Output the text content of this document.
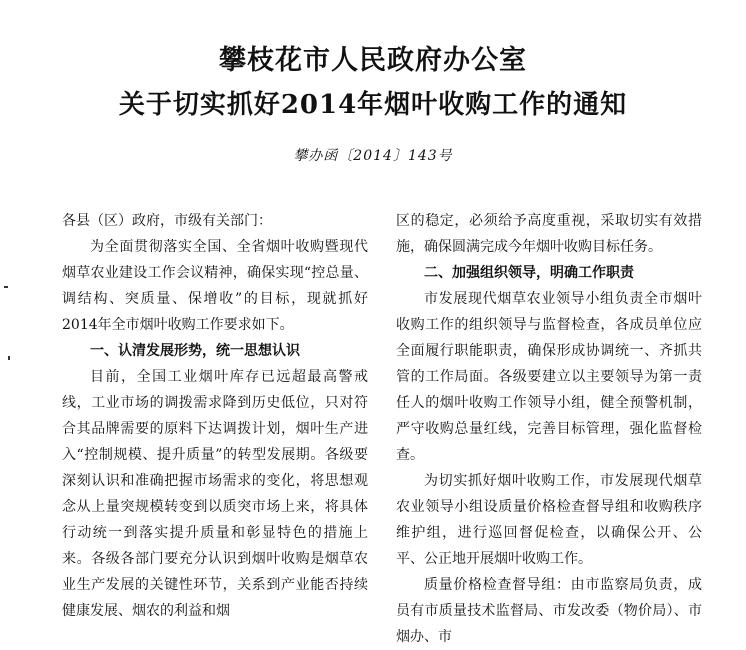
攀枝花市人民政府办公室
关于切实抓好2014年烟叶收购工作的通知
攀办函〔2014〕143号

各县（区）政府，市级有关部门：

为全面贯彻落实全国、全省烟叶收购暨现代烟草农业建设工作会议精神，确保实现“控总量、调结构、突质量、保增收”的目标，现就抓好2014年全市烟叶收购工作要求如下。

一、认清发展形势，统一思想认识

目前，全国工业烟叶库存已远超最高警戒线，工业市场的调拨需求降到历史低位，只对符合其品牌需要的原料下达调拨计划，烟叶生产进入“控制规模、提升质量”的转型发展期。各级要深刻认识和准确把握市场需求的变化，将思想观念从上量突规模转变到以质突市场上来，将具体行动统一到落实提升质量和彰显特色的措施上来。各级各部门要充分认识到烟叶收购是烟草农业生产发展的关键性环节，关系到产业能否持续健康发展、烟农的利益和烟

区的稳定，必须给予高度重视，采取切实有效措施，确保圆满完成今年烟叶收购目标任务。

二、加强组织领导，明确工作职责

市发展现代烟草农业领导小组负责全市烟叶收购工作的组织领导与监督检查，各成员单位应全面履行职能职责，确保形成协调统一、齐抓共管的工作局面。各级要建立以主要领导为第一责任人的烟叶收购工作领导小组，健全预警机制，严守收购总量红线，完善目标管理，强化监督检查。

为切实抓好烟叶收购工作，市发展现代烟草农业领导小组设质量价格检查督导组和收购秩序维护组，进行巡回督促检查，以确保公开、公平、公正地开展烟叶收购工作。

质量价格检查督导组：由市监察局负责，成员有市质量技术监督局、市发改委（物价局）、市烟办、市
